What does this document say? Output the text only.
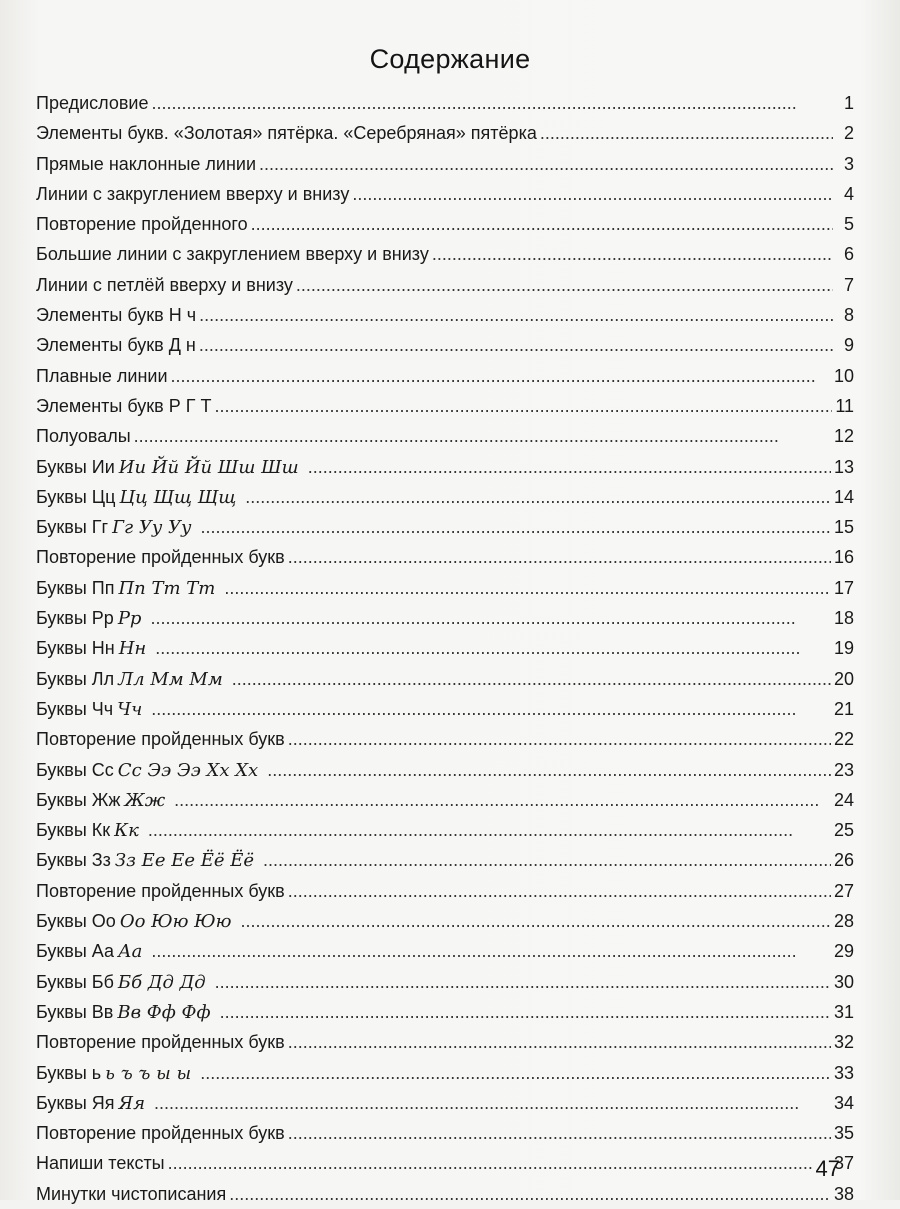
Содержание
Предисловие . . .	1
Элементы букв. «Золотая» пятёрка. «Серебряная» пятёрка . . .	2
Прямые наклонные линии . . .	3
Линии с закруглением вверху и внизу . . .	4
Повторение пройденного . . .	5
Большие линии с закруглением вверху и внизу . . .	6
Линии с петлёй вверху и внизу . . .	7
Элементы букв Н ч . . .	8
Элементы букв Д н . . .	9
Плавные линии . . .	10
Элементы букв Р Г Т . . .	11
Полуовалы . . .	12
Буквы Ии Ии Йй Йй Шш Шш . . .	13
Буквы Цц Цц Щщ Щщ . . .	14
Буквы Гг Гг Уу Уу . . .	15
Повторение пройденных букв . . .	16
Буквы Пп Пп Тт Тт . . .	17
Буквы Рр Рр . . .	18
Буквы Нн Нн . . .	19
Буквы Лл Лл Мм Мм . . .	20
Буквы Чч Чч . . .	21
Повторение пройденных букв . . .	22
Буквы Сс Сс Ээ Ээ Хх Хх . . .	23
Буквы Жж Жж . . .	24
Буквы Кк Кк . . .	25
Буквы Зз Зз Ее Ее Ёё Ёё . . .	26
Повторение пройденных букв . . .	27
Буквы Оо Оо Юю Юю . . .	28
Буквы Аа Аа . . .	29
Буквы Бб Бб Дд Дд . . .	30
Буквы Вв Вв Фф Фф . . .	31
Повторение пройденных букв . . .	32
Буквы ь ь ъ ъ ы ы . . .	33
Буквы Яя Яя . . .	34
Повторение пройденных букв . . .	35
Напиши тексты . . .	37
Минутки чистописания . . .	38
47
